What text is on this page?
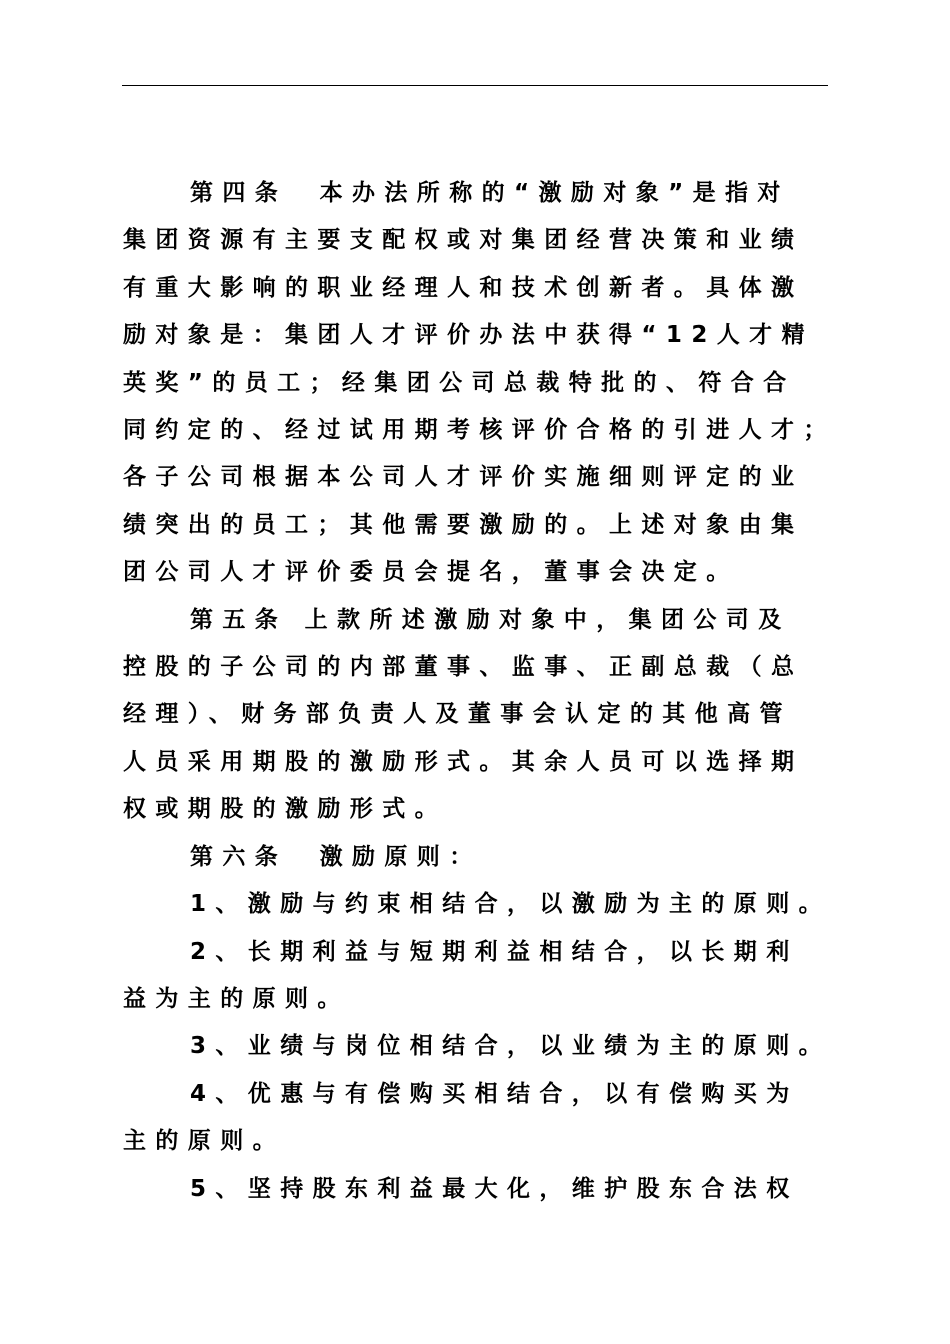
第四条　本办法所称的“激励对象”是指对
集团资源有主要支配权或对集团经营决策和业绩
有重大影响的职业经理人和技术创新者。具体激
励对象是：集团人才评价办法中获得“12人才精
英奖”的员工；经集团公司总裁特批的、符合合
同约定的、经过试用期考核评价合格的引进人才；
各子公司根据本公司人才评价实施细则评定的业
绩突出的员工；其他需要激励的。上述对象由集
团公司人才评价委员会提名，董事会决定。

第五条 上款所述激励对象中，集团公司及
控股的子公司的内部董事、监事、正副总裁（总
经理）、财务部负责人及董事会认定的其他高管
人员采用期股的激励形式。其余人员可以选择期
权或期股的激励形式。

第六条　激励原则：

1、激励与约束相结合，以激励为主的原则。

2、长期利益与短期利益相结合，以长期利
益为主的原则。

3、业绩与岗位相结合，以业绩为主的原则。

4、优惠与有偿购买相结合，以有偿购买为
主的原则。

5、坚持股东利益最大化，维护股东合法权
